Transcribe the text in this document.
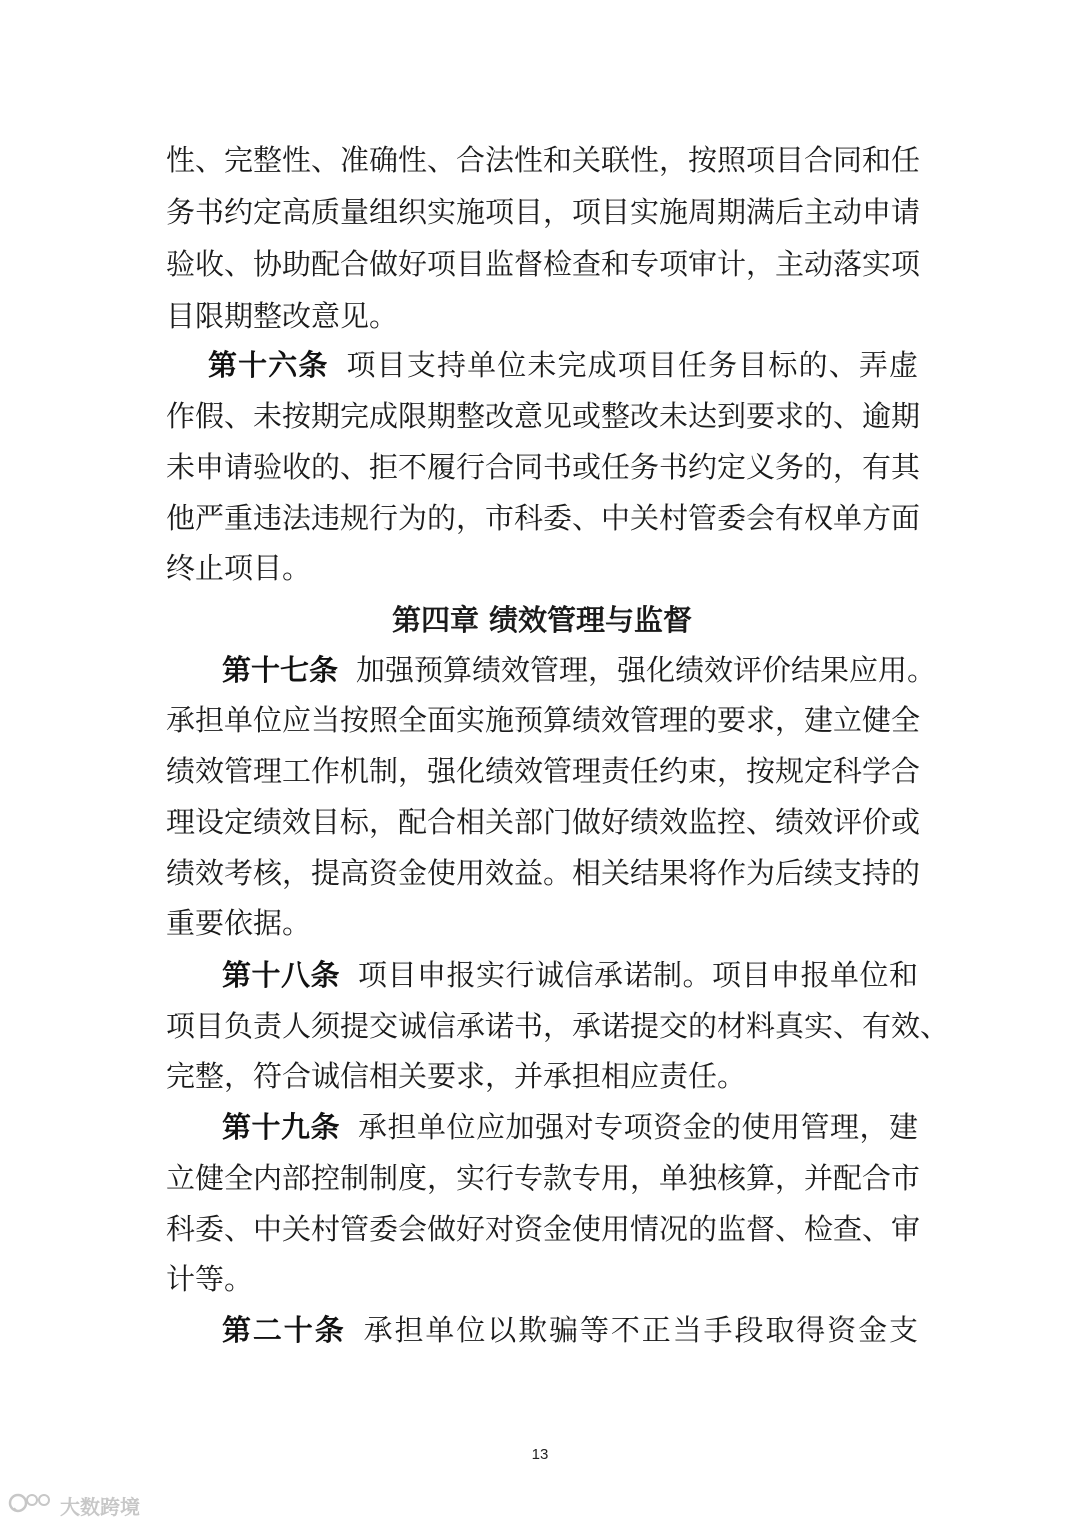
性、完整性、准确性、合法性和关联性，按照项目合同和任
务书约定高质量组织实施项目，项目实施周期满后主动申请
验收、协助配合做好项目监督检查和专项审计，主动落实项
目限期整改意见。
第十六条 项目支持单位未完成项目任务目标的、弄虚
作假、未按期完成限期整改意见或整改未达到要求的、逾期
未申请验收的、拒不履行合同书或任务书约定义务的，有其
他严重违法违规行为的，市科委、中关村管委会有权单方面
终止项目。
第四章 绩效管理与监督
第十七条 加强预算绩效管理，强化绩效评价结果应用。
承担单位应当按照全面实施预算绩效管理的要求，建立健全
绩效管理工作机制，强化绩效管理责任约束，按规定科学合
理设定绩效目标，配合相关部门做好绩效监控、绩效评价或
绩效考核，提高资金使用效益。相关结果将作为后续支持的
重要依据。
第十八条 项目申报实行诚信承诺制。项目申报单位和
项目负责人须提交诚信承诺书，承诺提交的材料真实、有效、
完整，符合诚信相关要求，并承担相应责任。
第十九条 承担单位应加强对专项资金的使用管理，建
立健全内部控制制度，实行专款专用，单独核算，并配合市
科委、中关村管委会做好对资金使用情况的监督、检查、审
计等。
第二十条 承担单位以欺骗等不正当手段取得资金支
13
大数跨境
